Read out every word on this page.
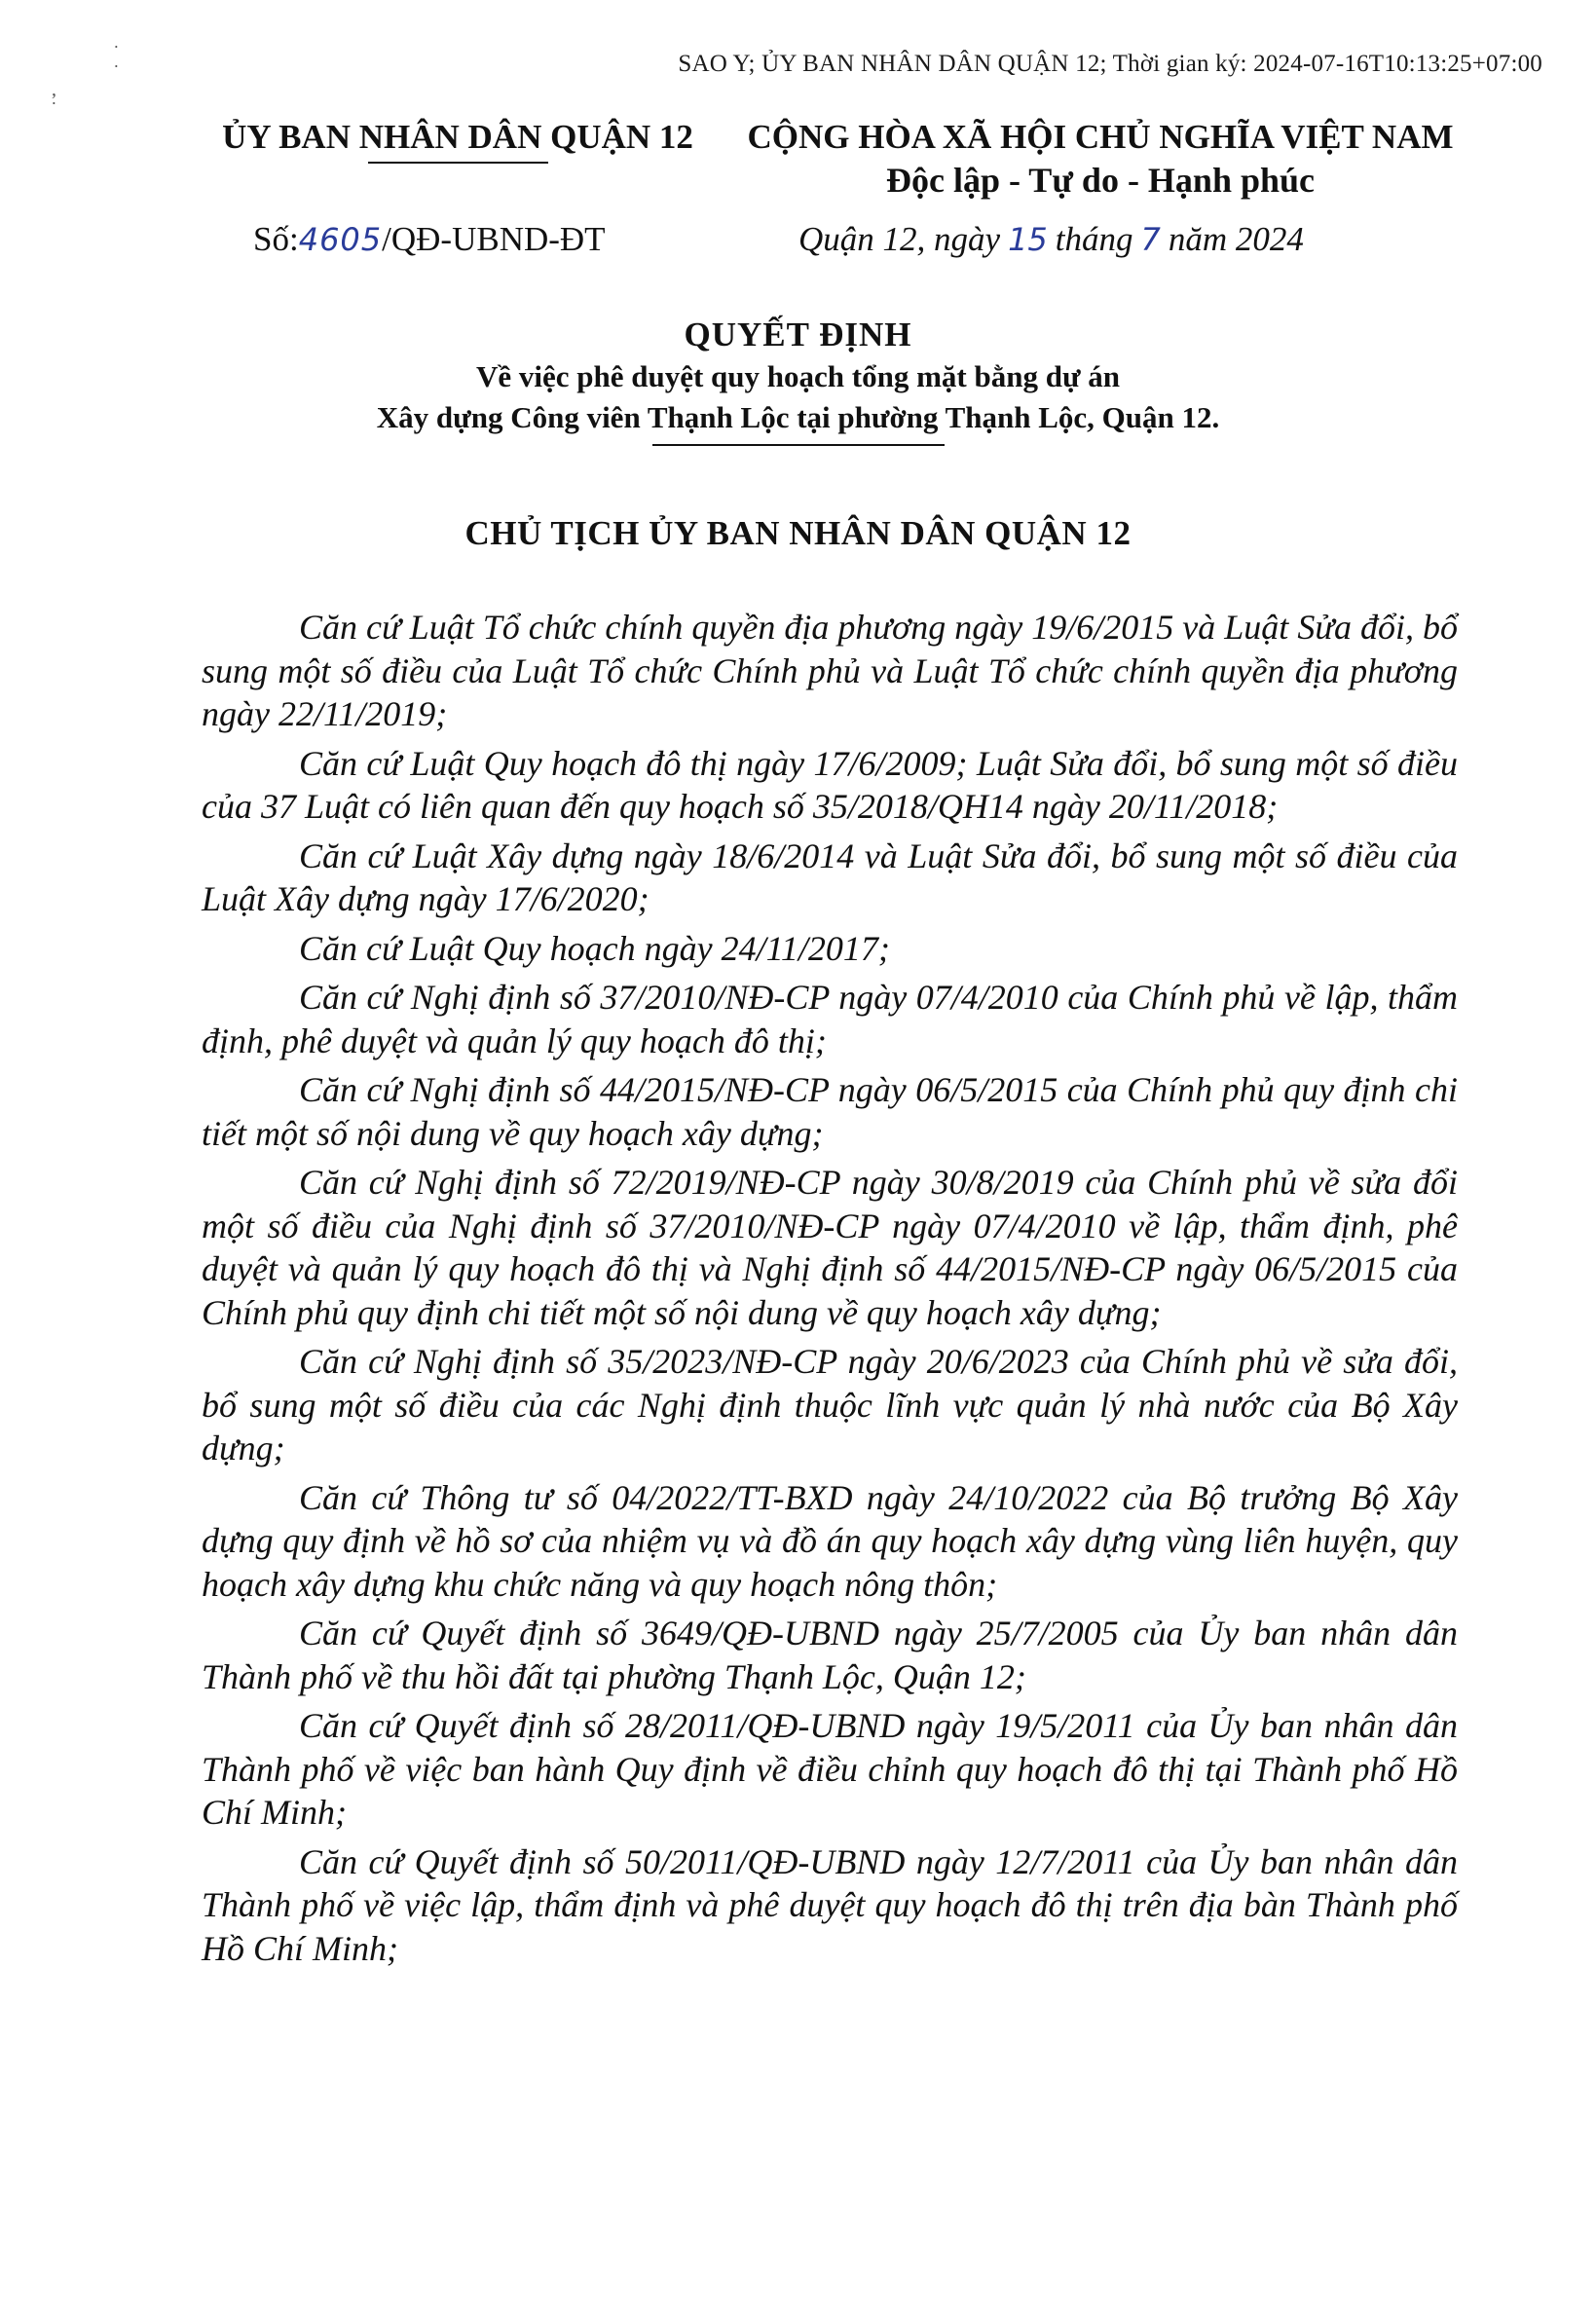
˙ ˙
‚ ˙
SAO Y; ỦY BAN NHÂN DÂN QUẬN 12; Thời gian ký: 2024-07-16T10:13:25+07:00
ỦY BAN NHÂN DÂN QUẬN 12	CỘNG HÒA XÃ HỘI CHỦ NGHĨA VIỆT NAM
Độc lập - Tự do - Hạnh phúc
Số:4605/QĐ-UBND-ĐT	Quận 12, ngày 15 tháng 7 năm 2024
QUYẾT ĐỊNH
Về việc phê duyệt quy hoạch tổng mặt bằng dự án
Xây dựng Công viên Thạnh Lộc tại phường Thạnh Lộc, Quận 12.
CHỦ TỊCH ỦY BAN NHÂN DÂN QUẬN 12

Căn cứ Luật Tổ chức chính quyền địa phương ngày 19/6/2015 và Luật Sửa đổi, bổ sung một số điều của Luật Tổ chức Chính phủ và Luật Tổ chức chính quyền địa phương ngày 22/11/2019;

Căn cứ Luật Quy hoạch đô thị ngày 17/6/2009; Luật Sửa đổi, bổ sung một số điều của 37 Luật có liên quan đến quy hoạch số 35/2018/QH14 ngày 20/11/2018;

Căn cứ Luật Xây dựng ngày 18/6/2014 và Luật Sửa đổi, bổ sung một số điều của Luật Xây dựng ngày 17/6/2020;

Căn cứ Luật Quy hoạch ngày 24/11/2017;

Căn cứ Nghị định số 37/2010/NĐ-CP ngày 07/4/2010 của Chính phủ về lập, thẩm định, phê duyệt và quản lý quy hoạch đô thị;

Căn cứ Nghị định số 44/2015/NĐ-CP ngày 06/5/2015 của Chính phủ quy định chi tiết một số nội dung về quy hoạch xây dựng;

Căn cứ Nghị định số 72/2019/NĐ-CP ngày 30/8/2019 của Chính phủ về sửa đổi một số điều của Nghị định số 37/2010/NĐ-CP ngày 07/4/2010 về lập, thẩm định, phê duyệt và quản lý quy hoạch đô thị và Nghị định số 44/2015/NĐ-CP ngày 06/5/2015 của Chính phủ quy định chi tiết một số nội dung về quy hoạch xây dựng;

Căn cứ Nghị định số 35/2023/NĐ-CP ngày 20/6/2023 của Chính phủ về sửa đổi, bổ sung một số điều của các Nghị định thuộc lĩnh vực quản lý nhà nước của Bộ Xây dựng;

Căn cứ Thông tư số 04/2022/TT-BXD ngày 24/10/2022 của Bộ trưởng Bộ Xây dựng quy định về hồ sơ của nhiệm vụ và đồ án quy hoạch xây dựng vùng liên huyện, quy hoạch xây dựng khu chức năng và quy hoạch nông thôn;

Căn cứ Quyết định số 3649/QĐ-UBND ngày 25/7/2005 của Ủy ban nhân dân Thành phố về thu hồi đất tại phường Thạnh Lộc, Quận 12;

Căn cứ Quyết định số 28/2011/QĐ-UBND ngày 19/5/2011 của Ủy ban nhân dân Thành phố về việc ban hành Quy định về điều chỉnh quy hoạch đô thị tại Thành phố Hồ Chí Minh;

Căn cứ Quyết định số 50/2011/QĐ-UBND ngày 12/7/2011 của Ủy ban nhân dân Thành phố về việc lập, thẩm định và phê duyệt quy hoạch đô thị trên địa bàn Thành phố Hồ Chí Minh;
